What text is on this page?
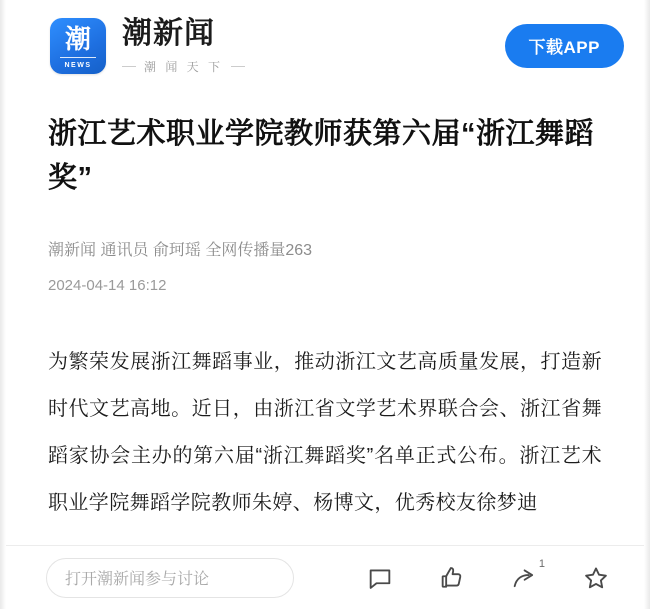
潮
NEWS
潮新闻
潮 闻 天 下
下载APP
浙江艺术职业学院教师获第六届“浙江舞蹈奖”
潮新闻 通讯员 俞珂瑶 全网传播量263
2024-04-14 16:12
为繁荣发展浙江舞蹈事业，推动浙江文艺高质量发展，打造新时代文艺高地。近日，由浙江省文学艺术界联合会、浙江省舞蹈家协会主办的第六届“浙江舞蹈奖”名单正式公布。浙江艺术职业学院舞蹈学院教师朱婷、杨博文，优秀校友徐梦迪
打开潮新闻参与讨论
1
